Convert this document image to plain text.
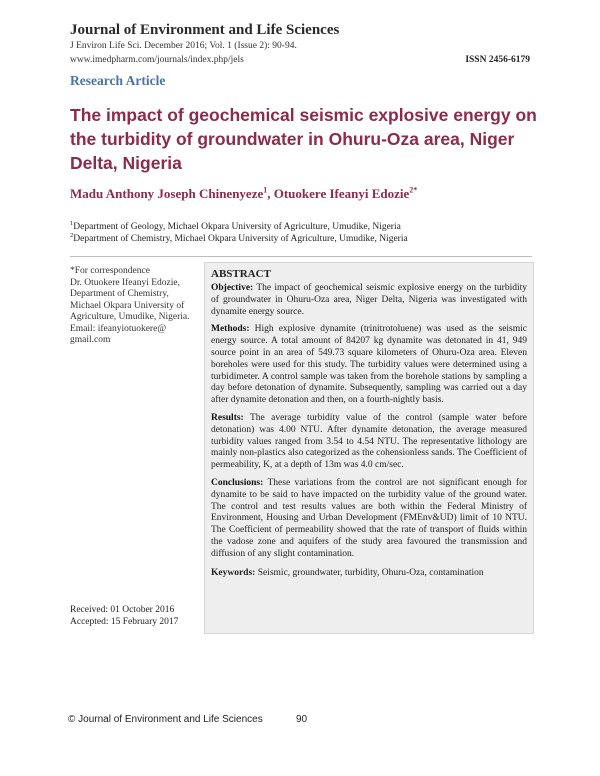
Journal of Environment and Life Sciences
J Environ Life Sci. December 2016; Vol. 1 (Issue 2): 90-94.
www.imedpharm.com/journals/index.php/jels	ISSN 2456-6179
Research Article
The impact of geochemical seismic explosive energy on the turbidity of groundwater in Ohuru-Oza area, Niger Delta, Nigeria
Madu Anthony Joseph Chinenyeze$^1$, Otuokere Ifeanyi Edozie$^{2*}$
$^1$Department of Geology, Michael Okpara University of Agriculture, Umudike, Nigeria
$^2$Department of Chemistry, Michael Okpara University of Agriculture, Umudike, Nigeria
*For correspondence
Dr. Otuokere Ifeanyi Edozie,
Department of Chemistry,
Michael Okpara University of
Agriculture, Umudike, Nigeria.
Email: ifeanyiotuokere@
gmail.com
Received: 01 October 2016
Accepted: 15 February 2017
ABSTRACT

Objective: The impact of geochemical seismic explosive energy on the turbidity of groundwater in Ohuru-Oza area, Niger Delta, Nigeria was investigated with dynamite energy source.

Methods: High explosive dynamite (trinitrotoluene) was used as the seismic energy source. A total amount of 84207 kg dynamite was detonated in 41, 949 source point in an area of 549.73 square kilometers of Ohuru-Oza area. Eleven boreholes were used for this study. The turbidity values were determined using a turbidimeter. A control sample was taken from the borehole stations by sampling a day before detonation of dynamite. Subsequently, sampling was carried out a day after dynamite detonation and then, on a fourth-nightly basis.

Results: The average turbidity value of the control (sample water before detonation) was 4.00 NTU. After dynamite detonation, the average measured turbidity values ranged from 3.54 to 4.54 NTU. The representative lithology are mainly non-plastics also categorized as the cohensionless sands. The Coefficient of permeability, K, at a depth of 13m was 4.0 cm/sec.

Conclusions: These variations from the control are not significant enough for dynamite to be said to have impacted on the turbidity value of the ground water. The control and test results values are both within the Federal Ministry of Environment, Housing and Urban Development (FMEnv&UD) limit of 10 NTU. The Coefficient of permeability showed that the rate of transport of fluids within the vadose zone and aquifers of the study area favoured the transmission and diffusion of any slight contamination.

Keywords: Seismic, groundwater, turbidity, Ohuru-Oza, contamination
© Journal of Environment and Life Sciences	90
